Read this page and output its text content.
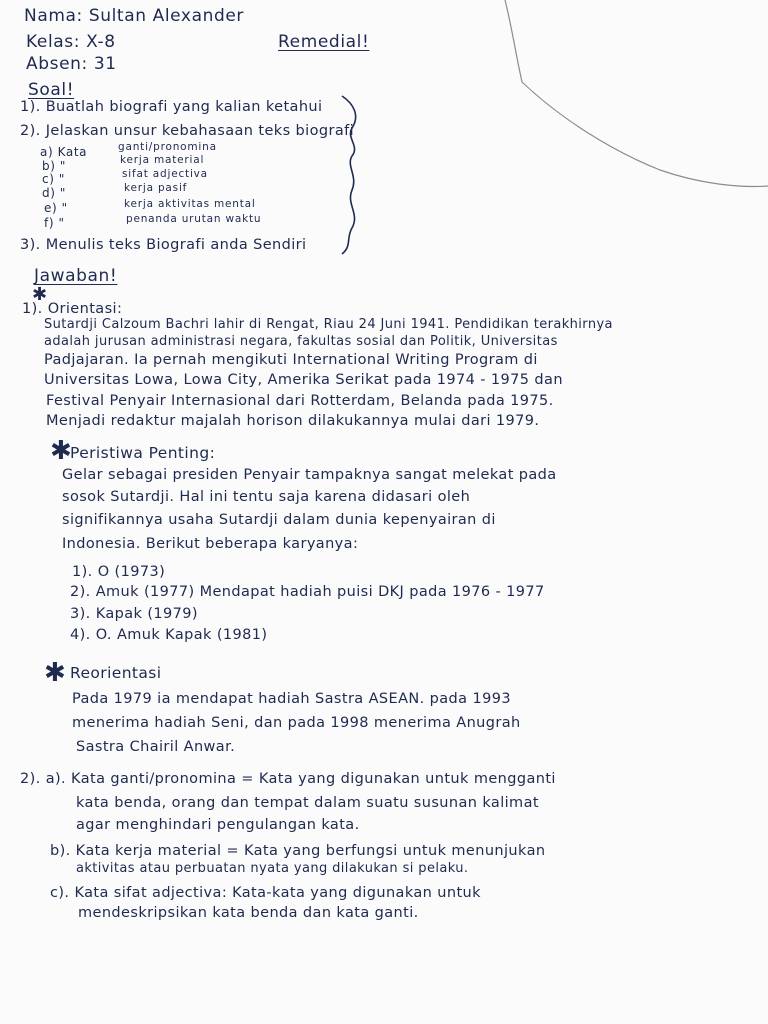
Nama: Sultan Alexander
Kelas: X-8
Absen: 31
Remedial!
Soal!
1). Buatlah biografi yang kalian ketahui
2). Jelaskan unsur kebahasaan teks biografi
a) Kata	ganti/pronomina
b) "	kerja material
c) "	sifat adjectiva
d) "	kerja pasif
e) "	kerja aktivitas mental
f) "	penanda urutan waktu
3). Menulis teks Biografi anda Sendiri
Jawaban!
✱
1). Orientasi:
Sutardji Calzoum Bachri lahir di Rengat, Riau 24 Juni 1941. Pendidikan terakhirnya
adalah jurusan administrasi negara, fakultas sosial dan Politik, Universitas
Padjajaran. Ia pernah mengikuti International Writing Program di
Universitas Lowa, Lowa City, Amerika Serikat pada 1974 - 1975 dan
Festival Penyair Internasional dari Rotterdam, Belanda pada 1975.
Menjadi redaktur majalah horison dilakukannya mulai dari 1979.
✱
Peristiwa Penting:
Gelar sebagai presiden Penyair tampaknya sangat melekat pada
sosok Sutardji. Hal ini tentu saja karena didasari oleh
signifikannya usaha Sutardji dalam dunia kepenyairan di
Indonesia. Berikut beberapa karyanya:
1). O (1973)
2). Amuk (1977) Mendapat hadiah puisi DKJ pada 1976 - 1977
3). Kapak (1979)
4). O. Amuk Kapak (1981)
✱ Reorientasi
Pada 1979 ia mendapat hadiah Sastra ASEAN. pada 1993
menerima hadiah Seni, dan pada 1998 menerima Anugrah
Sastra Chairil Anwar.
2). a). Kata ganti/pronomina = Kata yang digunakan untuk mengganti
kata benda, orang dan tempat dalam suatu susunan kalimat
agar menghindari pengulangan kata.
b). Kata kerja material = Kata yang berfungsi untuk menunjukan
aktivitas atau perbuatan nyata yang dilakukan si pelaku.
c). Kata sifat adjectiva: Kata-kata yang digunakan untuk
mendeskripsikan kata benda dan kata ganti.
